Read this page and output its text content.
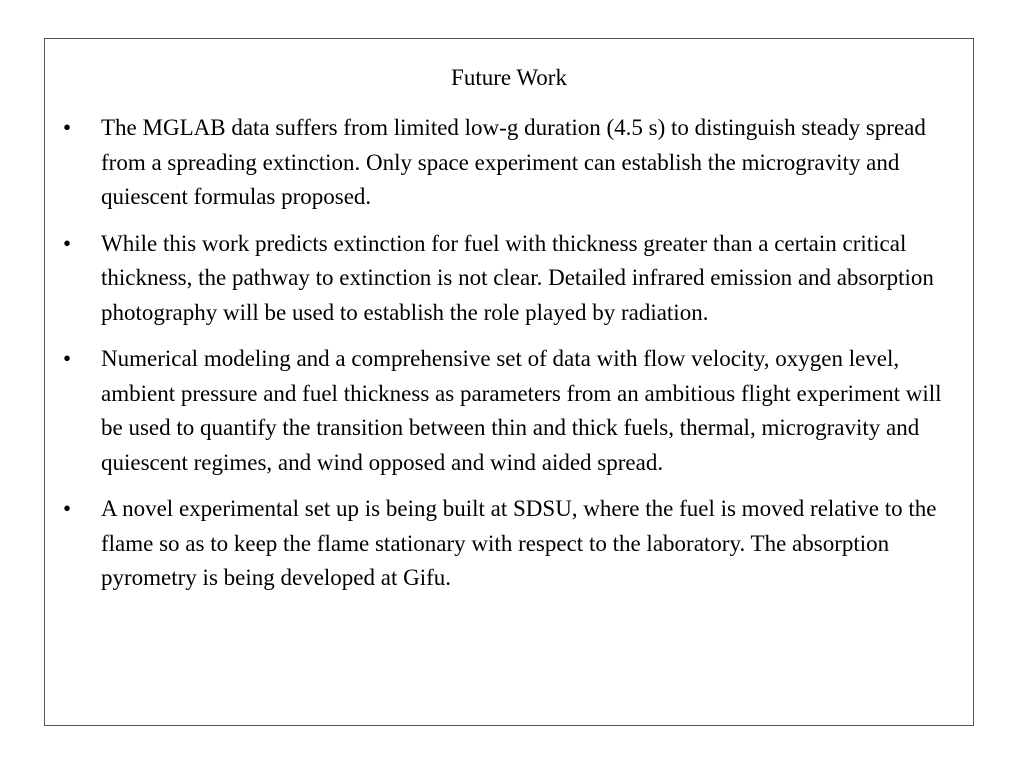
Future Work
• The MGLAB data suffers from limited low-g duration (4.5 s) to distinguish steady spread from a spreading extinction. Only space experiment can establish the microgravity and quiescent formulas proposed.
• While this work predicts extinction for fuel with thickness greater than a certain critical thickness, the pathway to extinction is not clear. Detailed infrared emission and absorption photography will be used to establish the role played by radiation.
• Numerical modeling and a comprehensive set of data with flow velocity, oxygen level, ambient pressure and fuel thickness as parameters from an ambitious flight experiment will be used to quantify the transition between thin and thick fuels, thermal, microgravity and quiescent regimes, and wind opposed and wind aided spread.
• A novel experimental set up is being built at SDSU, where the fuel is moved relative to the flame so as to keep the flame stationary with respect to the laboratory. The absorption pyrometry is being developed at Gifu.
